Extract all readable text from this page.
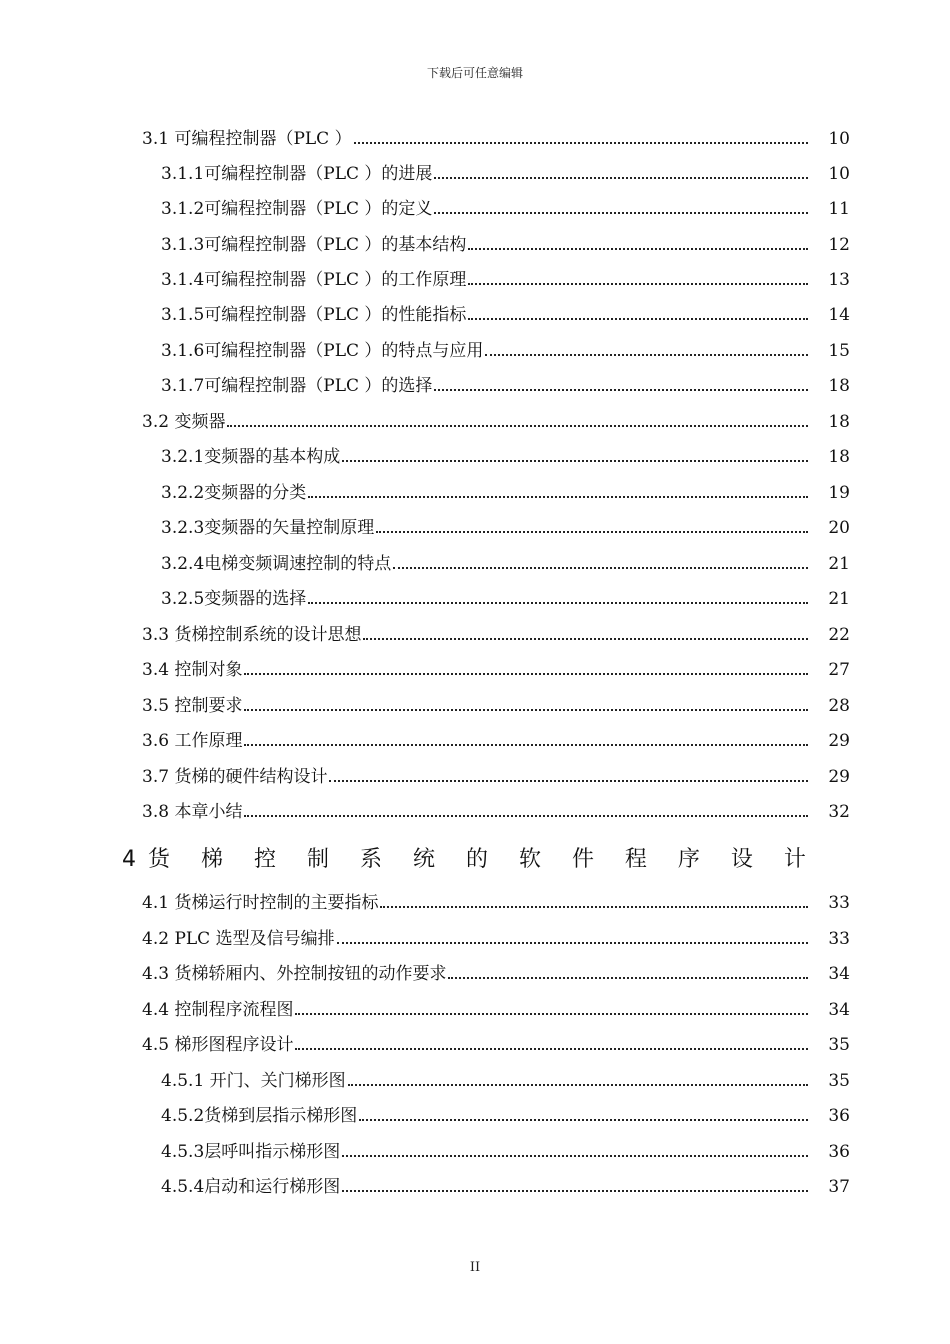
下载后可任意编辑
3.1 可编程控制器（PLC ）	10
3.1.1可编程控制器（PLC ）的进展	10
3.1.2可编程控制器（PLC ）的定义	11
3.1.3可编程控制器（PLC ）的基本结构	12
3.1.4可编程控制器（PLC ）的工作原理	13
3.1.5可编程控制器（PLC ）的性能指标	14
3.1.6可编程控制器（PLC ）的特点与应用	15
3.1.7可编程控制器（PLC ）的选择	18
3.2 变频器	18
3.2.1变频器的基本构成	18
3.2.2变频器的分类	19
3.2.3变频器的矢量控制原理	20
3.2.4电梯变频调速控制的特点	21
3.2.5变频器的选择	21
3.3 货梯控制系统的设计思想	22
3.4 控制对象	27
3.5 控制要求	28
3.6 工作原理	29
3.7 货梯的硬件结构设计	29
3.8 本章小结	32
4货 梯 控 制 系 统 的 软 件 程 序 设 计
4.1 货梯运行时控制的主要指标	33
4.2 PLC 选型及信号编排	33
4.3 货梯轿厢内、外控制按钮的动作要求	34
4.4 控制程序流程图	34
4.5 梯形图程序设计	35
4.5.1 开门、关门梯形图	35
4.5.2货梯到层指示梯形图	36
4.5.3层呼叫指示梯形图	36
4.5.4启动和运行梯形图	37
II
